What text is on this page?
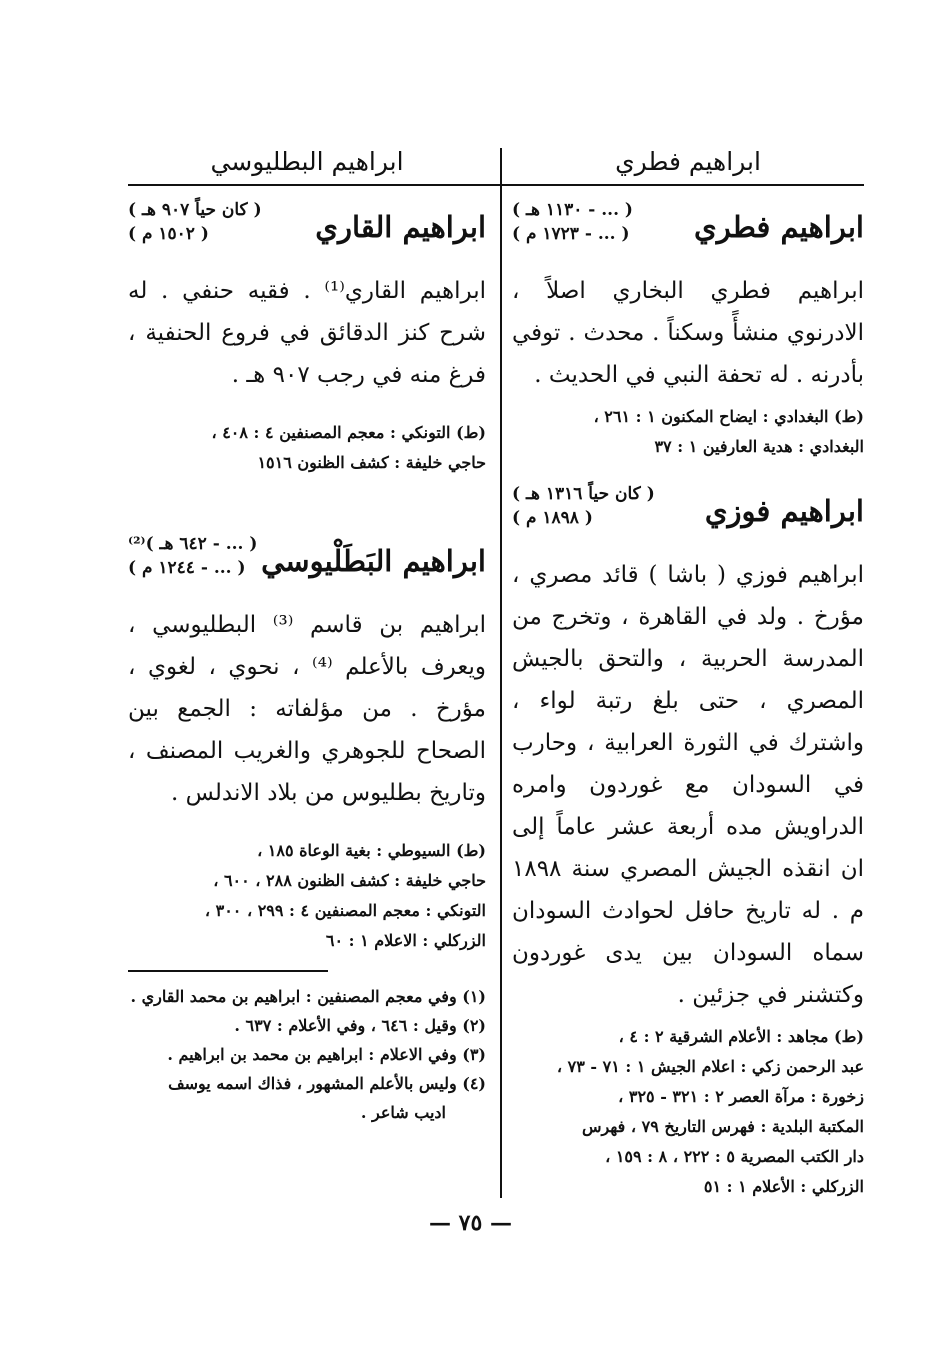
ابراهيم فطري
ابراهيم فطري
( ... - ١١٣٠ هـ )
( ... - ١٧٢٣ م )

ابراهيم فطري البخاري اصلاً ، الادرنوي منشأً وسكناً . محدث . توفي بأدرنه . له تحفة النبي في الحديث .

(ط) البغدادي : ايضاح المكنون ١ : ٢٦١ ،
البغدادي : هدية العارفين ١ : ٣٧
ابراهيم فوزي
( كان حياً ١٣١٦ هـ )
( ١٨٩٨ م )

ابراهيم فوزي ( باشا ) قائد مصري ، مؤرخ . ولد في القاهرة ، وتخرج من المدرسة الحربية ، والتحق بالجيش المصري ، حتى بلغ رتبة لواء ، واشترك في الثورة العرابية ، وحارب في السودان مع غوردون وامره الدراويش مده أربعة عشر عاماً إلى ان انقذه الجيش المصري سنة ١٨٩٨ م . له تاريخ حافل لحوادث السودان سماه السودان بين يدى غوردون وكتشنر في جزئين .

(ط) مجاهد : الأعلام الشرقية ٢ : ٤ ،
عبد الرحمن زكي : اعلام الجيش ١ : ٧١ - ٧٣ ،
زخورة : مرآة العصر ٢ : ٣٢١ - ٣٢٥ ،
المكتبة البلدية : فهرس التاريخ ٧٩ ، فهرس
دار الكتب المصرية ٥ : ٢٢٢ ، ٨ : ١٥٩ ،
الزركلي : الأعلام ١ : ٥١
ابراهيم البطليوسي
ابراهيم القاري
( كان حياً ٩٠٧ هـ )
( ١٥٠٢ م )

ابراهيم القاري⁽¹⁾ . فقيه حنفي . له شرح كنز الدقائق في فروع الحنفية ، فرغ منه في رجب ٩٠٧ هـ .

(ط) التونكي : معجم المصنفين ٤ : ٤٠٨ ،
حاجي خليفة : كشف الظنون ١٥١٦
ابراهيم البَطَلْيوسي
( ... - ٦٤٢ هـ )⁽²⁾
( ... - ١٢٤٤ م )

ابراهيم بن قاسم ⁽³⁾ البطليوسي ، ويعرف بالأعلم ⁽⁴⁾ ، نحوي ، لغوي ، مؤرخ . من مؤلفاته : الجمع بين الصحاح للجوهري والغريب المصنف ، وتاريخ بطليوس من بلاد الاندلس .

(ط) السيوطي : بغية الوعاة ١٨٥ ،
حاجي خليفة : كشف الظنون ٢٨٨ ، ٦٠٠ ،
التونكي : معجم المصنفين ٤ : ٢٩٩ ، ٣٠٠ ،
الزركلي : الاعلام ١ : ٦٠
(١) وفي معجم المصنفين : ابراهيم بن محمد القاري .
(٢) وقيل : ٦٤٦ ، وفي الأعلام : ٦٣٧ .
(٣) وفي الاعلام : ابراهيم بن محمد بن ابراهيم .
(٤) وليس بالأعلم المشهور ، فذاك اسمه يوسف
اديب شاعر .
— ٧٥ —
